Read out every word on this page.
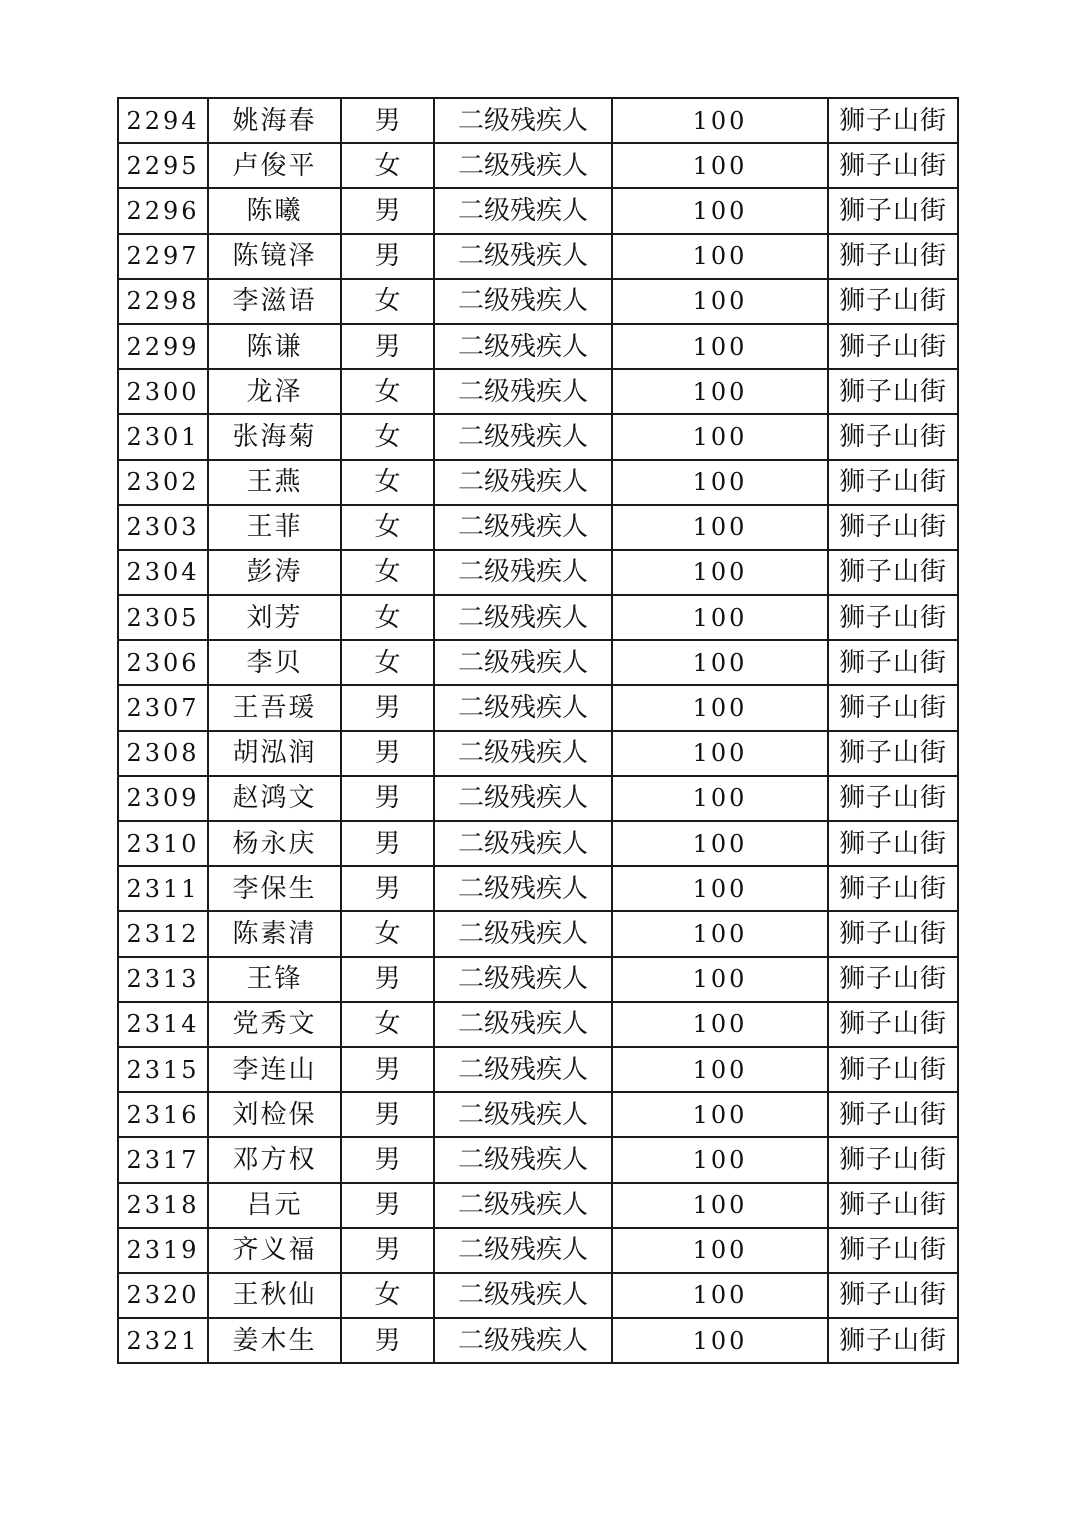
2294	姚海春	男	二级残疾人	100	狮子山街
2295	卢俊平	女	二级残疾人	100	狮子山街
2296	陈曦	男	二级残疾人	100	狮子山街
2297	陈镜泽	男	二级残疾人	100	狮子山街
2298	李滋语	女	二级残疾人	100	狮子山街
2299	陈谦	男	二级残疾人	100	狮子山街
2300	龙泽	女	二级残疾人	100	狮子山街
2301	张海菊	女	二级残疾人	100	狮子山街
2302	王燕	女	二级残疾人	100	狮子山街
2303	王菲	女	二级残疾人	100	狮子山街
2304	彭涛	女	二级残疾人	100	狮子山街
2305	刘芳	女	二级残疾人	100	狮子山街
2306	李贝	女	二级残疾人	100	狮子山街
2307	王吾瑗	男	二级残疾人	100	狮子山街
2308	胡泓润	男	二级残疾人	100	狮子山街
2309	赵鸿文	男	二级残疾人	100	狮子山街
2310	杨永庆	男	二级残疾人	100	狮子山街
2311	李保生	男	二级残疾人	100	狮子山街
2312	陈素清	女	二级残疾人	100	狮子山街
2313	王锋	男	二级残疾人	100	狮子山街
2314	党秀文	女	二级残疾人	100	狮子山街
2315	李连山	男	二级残疾人	100	狮子山街
2316	刘检保	男	二级残疾人	100	狮子山街
2317	邓方权	男	二级残疾人	100	狮子山街
2318	吕元	男	二级残疾人	100	狮子山街
2319	齐义福	男	二级残疾人	100	狮子山街
2320	王秋仙	女	二级残疾人	100	狮子山街
2321	姜木生	男	二级残疾人	100	狮子山街
